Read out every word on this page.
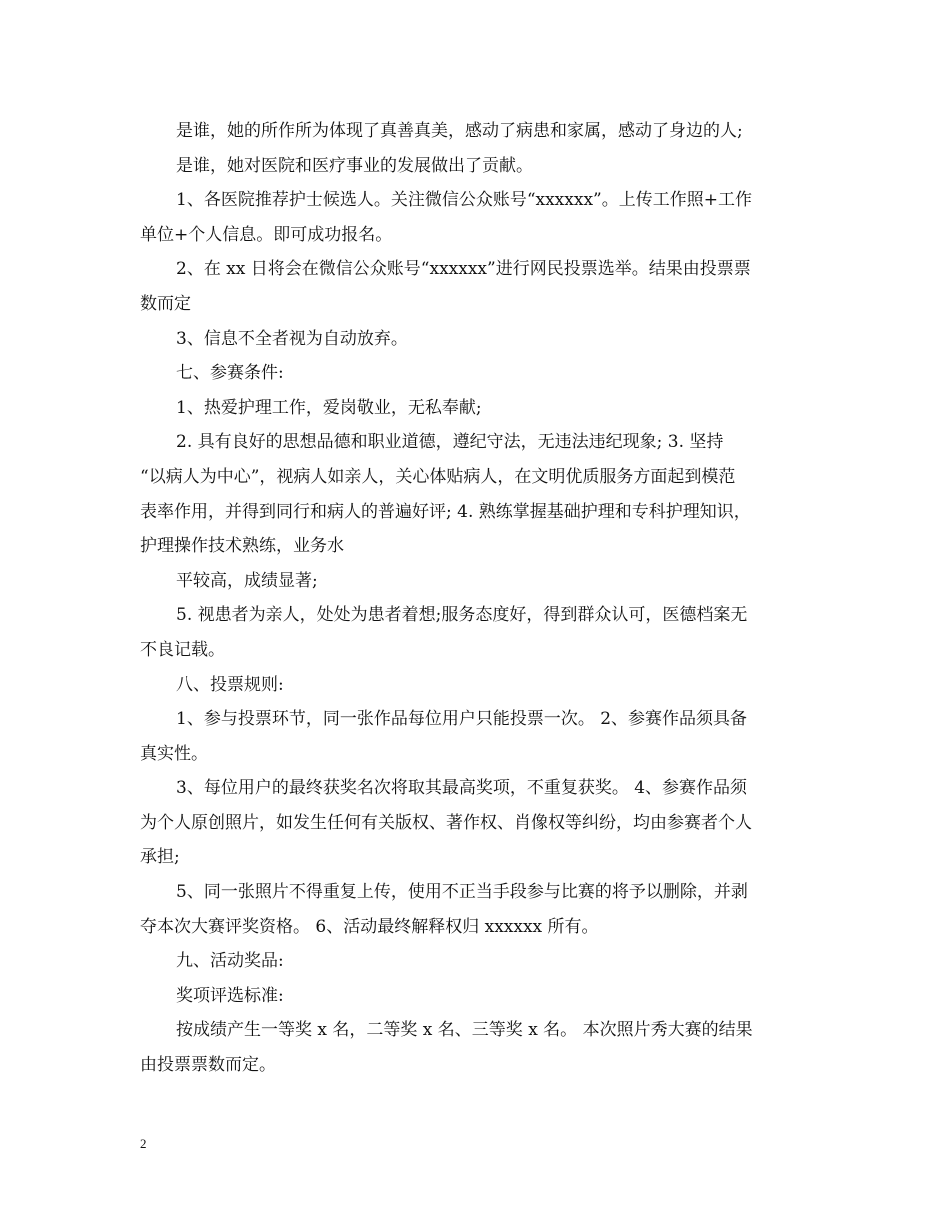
是谁，她的所作所为体现了真善真美，感动了病患和家属，感动了身边的人;
是谁，她对医院和医疗事业的发展做出了贡献。
1、各医院推荐护士候选人。关注微信公众账号“xxxxxx”。上传工作照+工作
单位+个人信息。即可成功报名。
2、在 xx 日将会在微信公众账号“xxxxxx”进行网民投票选举。结果由投票票
数而定
3、信息不全者视为自动放弃。
七、参赛条件:
1、热爱护理工作，爱岗敬业，无私奉献;
2. 具有良好的思想品德和职业道德，遵纪守法，无违法违纪现象; 3. 坚持
“以病人为中心”，视病人如亲人，关心体贴病人，在文明优质服务方面起到模范
表率作用，并得到同行和病人的普遍好评; 4. 熟练掌握基础护理和专科护理知识，
护理操作技术熟练，业务水
平较高，成绩显著;
5. 视患者为亲人，处处为患者着想;服务态度好，得到群众认可，医德档案无
不良记载。
八、投票规则:
1、参与投票环节，同一张作品每位用户只能投票一次。 2、参赛作品须具备
真实性。
3、每位用户的最终获奖名次将取其最高奖项，不重复获奖。 4、参赛作品须
为个人原创照片，如发生任何有关版权、著作权、肖像权等纠纷，均由参赛者个人
承担;
5、同一张照片不得重复上传，使用不正当手段参与比赛的将予以删除，并剥
夺本次大赛评奖资格。 6、活动最终解释权归 xxxxxx 所有。
九、活动奖品:
奖项评选标准:
按成绩产生一等奖 x 名，二等奖 x 名、三等奖 x 名。 本次照片秀大赛的结果
由投票票数而定。
2
